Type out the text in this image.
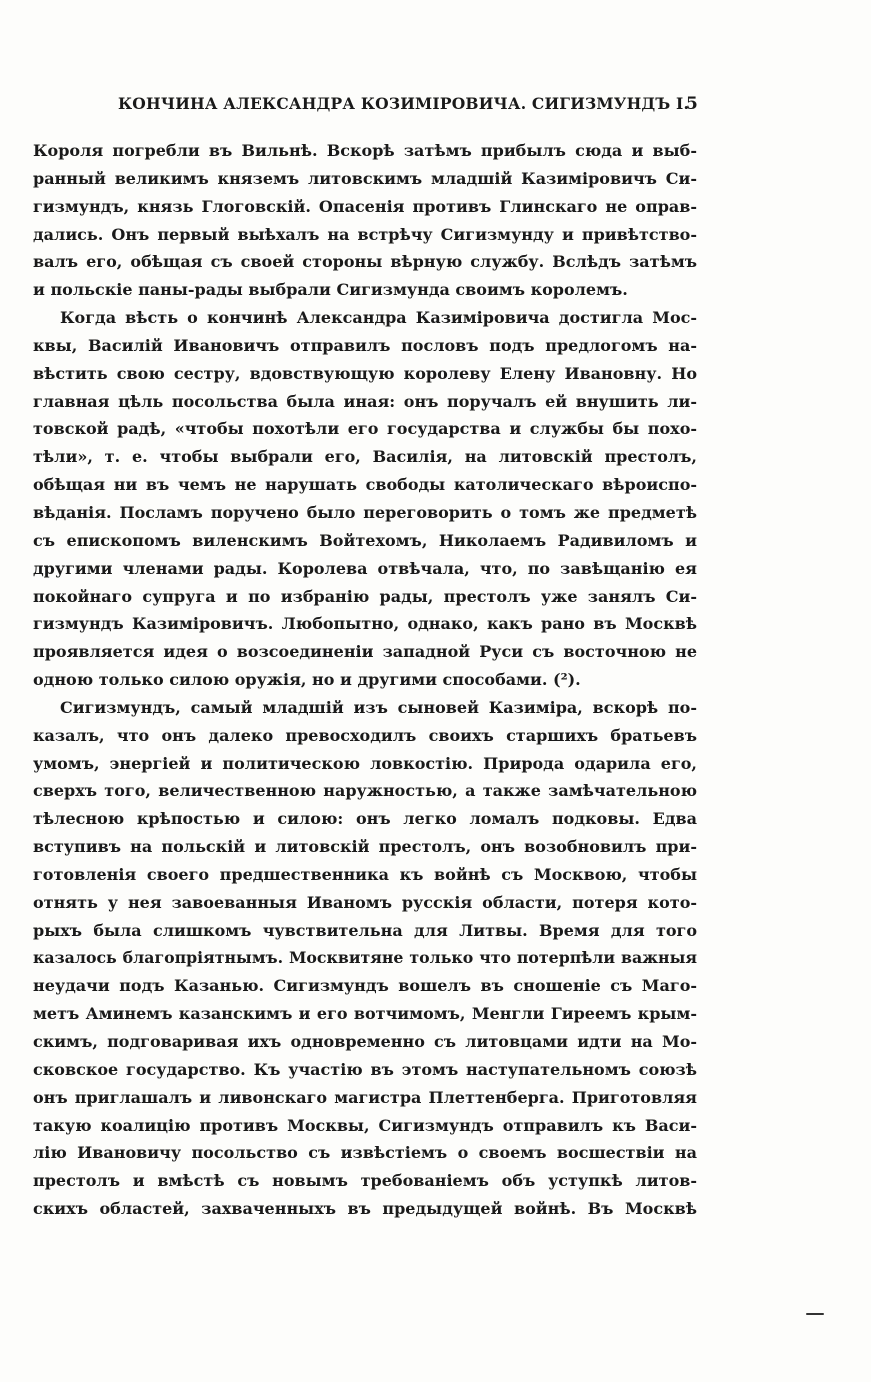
КОНЧИНА АЛЕКСАНДРА КОЗИМІРОВИЧА. СИГИЗМУНДЪ I.
5
Короля погребли въ Вильнѣ. Вскорѣ затѣмъ прибылъ сюда и выб-
ранный великимъ княземъ литовскимъ младшій Казиміровичъ Си-
гизмундъ, князь Глоговскій. Опасенія противъ Глинскаго не оправ-
дались. Онъ первый выѣхалъ на встрѣчу Сигизмунду и привѣтство-
валъ его, обѣщая съ своей стороны вѣрную службу. Вслѣдъ затѣмъ
и польскіе паны-рады выбрали Сигизмунда своимъ королемъ.
Когда вѣсть о кончинѣ Александра Казиміровича достигла Мос-
квы, Василій Ивановичъ отправилъ пословъ подъ предлогомъ на-
вѣстить свою сестру, вдовствующую королеву Елену Ивановну. Но
главная цѣль посольства была иная: онъ поручалъ ей внушить ли-
товской радѣ, «чтобы похотѣли его государства и службы бы похо-
тѣли», т. е. чтобы выбрали его, Василія, на литовскій престолъ,
обѣщая ни въ чемъ не нарушать свободы католическаго вѣроиспо-
вѣданія. Посламъ поручено было переговорить о томъ же предметѣ
съ епископомъ виленскимъ Войтехомъ, Николаемъ Радивиломъ и
другими членами рады. Королева отвѣчала, что, по завѣщанію ея
покойнаго супруга и по избранію рады, престолъ уже занялъ Си-
гизмундъ Казиміровичъ. Любопытно, однако, какъ рано въ Москвѣ
проявляется идея о возсоединеніи западной Руси съ восточною не
одною только силою оружія, но и другими способами. (²).
Сигизмундъ, самый младшій изъ сыновей Казиміра, вскорѣ по-
казалъ, что онъ далеко превосходилъ своихъ старшихъ братьевъ
умомъ, энергіей и политическою ловкостію. Природа одарила его,
сверхъ того, величественною наружностью, а также замѣчательною
тѣлесною крѣпостью и силою: онъ легко ломалъ подковы. Едва
вступивъ на польскій и литовскій престолъ, онъ возобновилъ при-
готовленія своего предшественника къ войнѣ съ Москвою, чтобы
отнять у нея завоеванныя Иваномъ русскія области, потеря кото-
рыхъ была слишкомъ чувствительна для Литвы. Время для того
казалось благопріятнымъ. Москвитяне только что потерпѣли важныя
неудачи подъ Казанью. Сигизмундъ вошелъ въ сношеніе съ Маго-
метъ Аминемъ казанскимъ и его вотчимомъ, Менгли Гиреемъ крым-
скимъ, подговаривая ихъ одновременно съ литовцами идти на Мо-
сковское государство. Къ участію въ этомъ наступательномъ союзѣ
онъ приглашалъ и ливонскаго магистра Плеттенберга. Приготовляя
такую коалицію противъ Москвы, Сигизмундъ отправилъ къ Васи-
лію Ивановичу посольство съ извѣстіемъ о своемъ восшествіи на
престолъ и вмѣстѣ съ новымъ требованіемъ объ уступкѣ литов-
скихъ областей, захваченныхъ въ предыдущей войнѣ. Въ Москвѣ
